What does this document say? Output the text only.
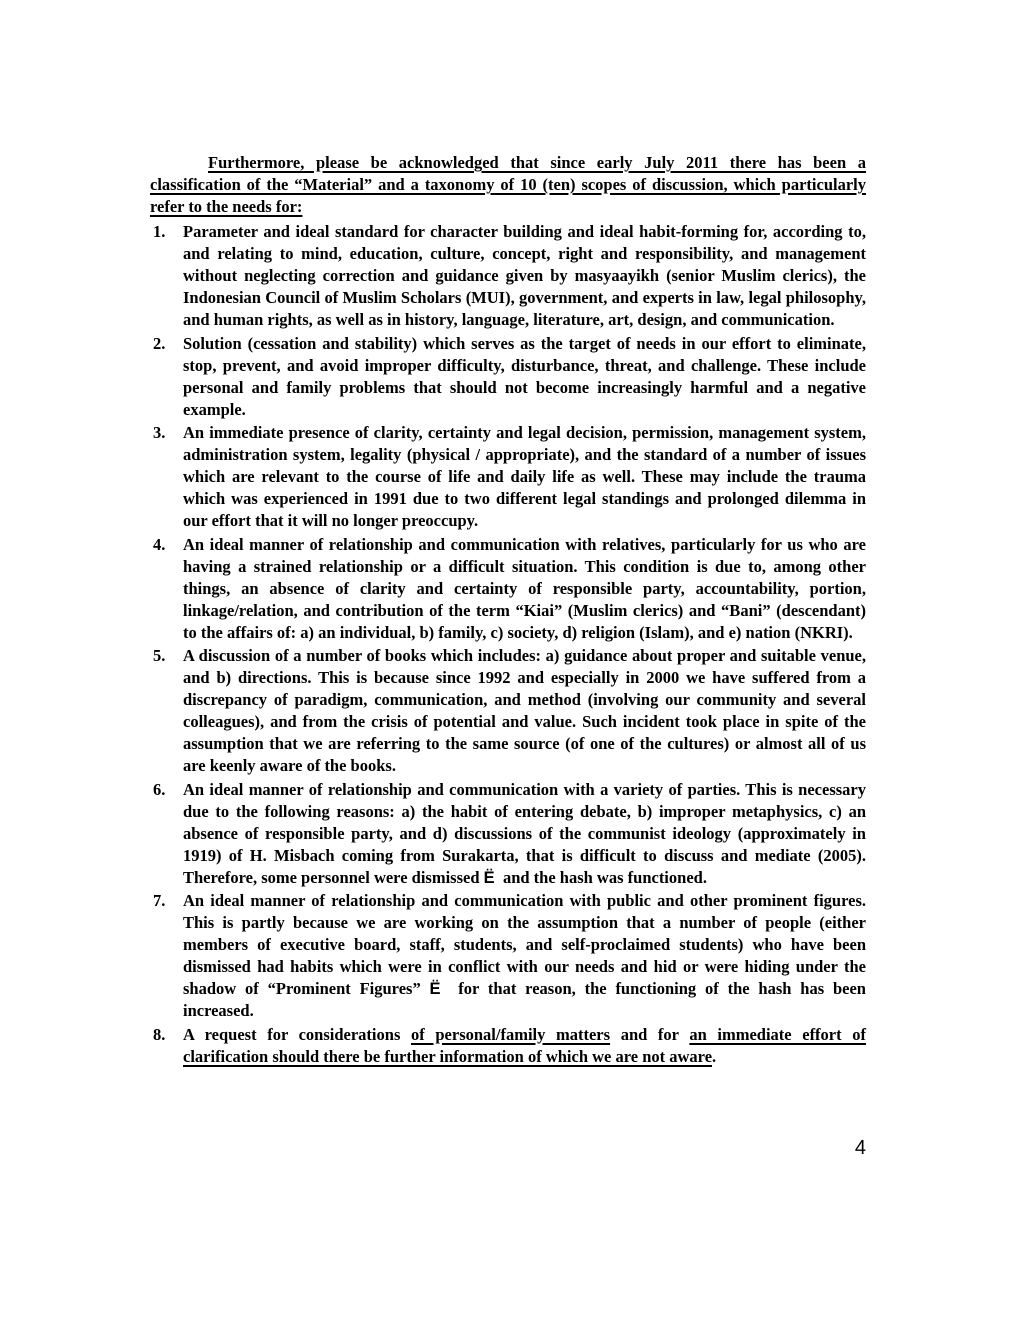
Furthermore, please be acknowledged that since early July 2011 there has been a classification of the “Material” and a taxonomy of 10 (ten) scopes of discussion, which particularly refer to the needs for:

1. Parameter and ideal standard for character building and ideal habit-forming for, according to, and relating to mind, education, culture, concept, right and responsibility, and management without neglecting correction and guidance given by masyaayikh (senior Muslim clerics), the Indonesian Council of Muslim Scholars (MUI), government, and experts in law, legal philosophy, and human rights, as well as in history, language, literature, art, design, and communication.
2. Solution (cessation and stability) which serves as the target of needs in our effort to eliminate, stop, prevent, and avoid improper difficulty, disturbance, threat, and challenge. These include personal and family problems that should not become increasingly harmful and a negative example.
3. An immediate presence of clarity, certainty and legal decision, permission, management system, administration system, legality (physical / appropriate), and the standard of a number of issues which are relevant to the course of life and daily life as well. These may include the trauma which was experienced in 1991 due to two different legal standings and prolonged dilemma in our effort that it will no longer preoccupy.
4. An ideal manner of relationship and communication with relatives, particularly for us who are having a strained relationship or a difficult situation. This condition is due to, among other things, an absence of clarity and certainty of responsible party, accountability, portion, linkage/relation, and contribution of the term “Kiai” (Muslim clerics) and “Bani” (descendant) to the affairs of: a) an individual, b) family, c) society, d) religion (Islam), and e) nation (NKRI).
5. A discussion of a number of books which includes: a) guidance about proper and suitable venue, and b) directions. This is because since 1992 and especially in 2000 we have suffered from a discrepancy of paradigm, communication, and method (involving our community and several colleagues), and from the crisis of potential and value. Such incident took place in spite of the assumption that we are referring to the same source (of one of the cultures) or almost all of us are keenly aware of the books.
6. An ideal manner of relationship and communication with a variety of parties. This is necessary due to the following reasons: a) the habit of entering debate, b) improper metaphysics, c) an absence of responsible party, and d) discussions of the communist ideology (approximately in 1919) of H. Misbach coming from Surakarta, that is difficult to discuss and mediate (2005). Therefore, some personnel were dismissed Ё  and the hash was functioned.
7. An ideal manner of relationship and communication with public and other prominent figures. This is partly because we are working on the assumption that a number of people (either members of executive board, staff, students, and self-proclaimed students) who have been dismissed had habits which were in conflict with our needs and hid or were hiding under the shadow of “Prominent Figures” Ё  for that reason, the functioning of the hash has been increased.
8. A request for considerations of personal/family matters and for an immediate effort of clarification should there be further information of which we are not aware.
4
